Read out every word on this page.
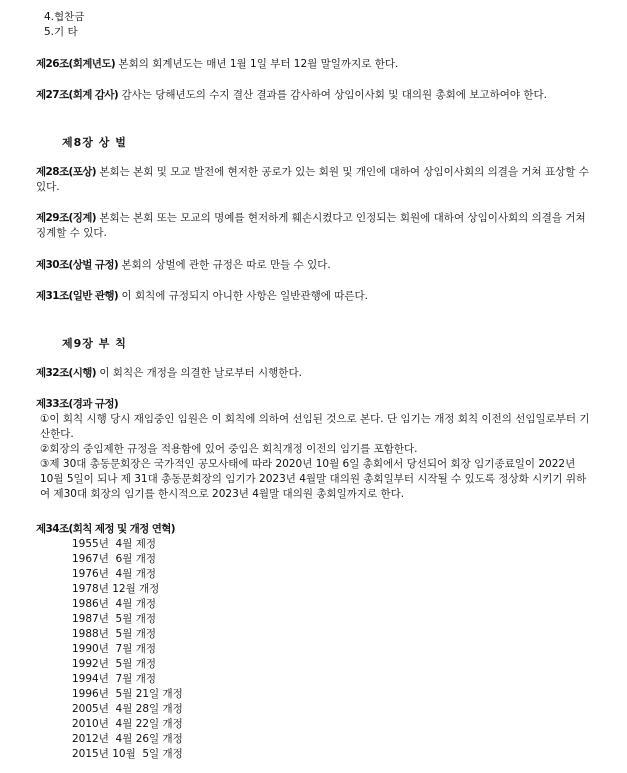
4.협찬금
5.기 타

제26조(회계년도) 본회의 회계년도는 매년 1월 1일 부터 12월 말일까지로 한다.

제27조(회계 감사) 감사는 당해년도의 수지 결산 결과를 감사하여 상임이사회 및 대의원 총회에 보고하여야 한다.

제8장 상 벌

제28조(포상) 본회는 본회 및 모교 발전에 현저한 공로가 있는 회원 및 개인에 대하여 상임이사회의 의결을 거쳐 표상할 수 있다.

제29조(징계) 본회는 본회 또는 모교의 명예를 현저하게 훼손시켰다고 인정되는 회원에 대하여 상임이사회의 의결을 거쳐 징계할 수 있다.

제30조(상벌 규정) 본회의 상벌에 관한 규정은 따로 만들 수 있다.

제31조(일반 관행) 이 회칙에 규정되지 아니한 사항은 일반관행에 따른다.

제9장 부 칙

제32조(시행) 이 회칙은 개정을 의결한 날로부터 시행한다.

제33조(경과 규정)
①이 회칙 시행 당시 재임중인 임원은 이 회칙에 의하여 선임된 것으로 본다. 단 임기는 개정 회칙 이전의 선임일로부터 기산한다.
②회장의 중임제한 규정을 적용함에 있어 중임은 회칙개정 이전의 임기를 포함한다.
③제 30대 총동문회장은 국가적인 공모사태에 따라 2020년 10월 6일 총회에서 당선되어 회장 임기종료일이 2022년 10월 5일이 되나 제 31대 총동문회장의 임기가 2023년 4월말 대의원 총회일부터 시작될 수 있도록 정상화 시키기 위하여 제30대 회장의 임기를 한시적으로 2023년 4월말 대의원 총회일까지로 한다.
제34조(회칙 제정 및 개정 연혁)
1955년  4월 제정
1967년  6월 개정
1976년  4월 개정
1978년 12월 개정
1986년  4월 개정
1987년  5월 개정
1988년  5월 개정
1990년  7월 개정
1992년  5월 개정
1994년  7월 개정
1996년  5월 21일 개정
2005년  4월 28일 개정
2010년  4월 22일 개정
2012년  4월 26일 개정
2015년 10월  5일 개정
